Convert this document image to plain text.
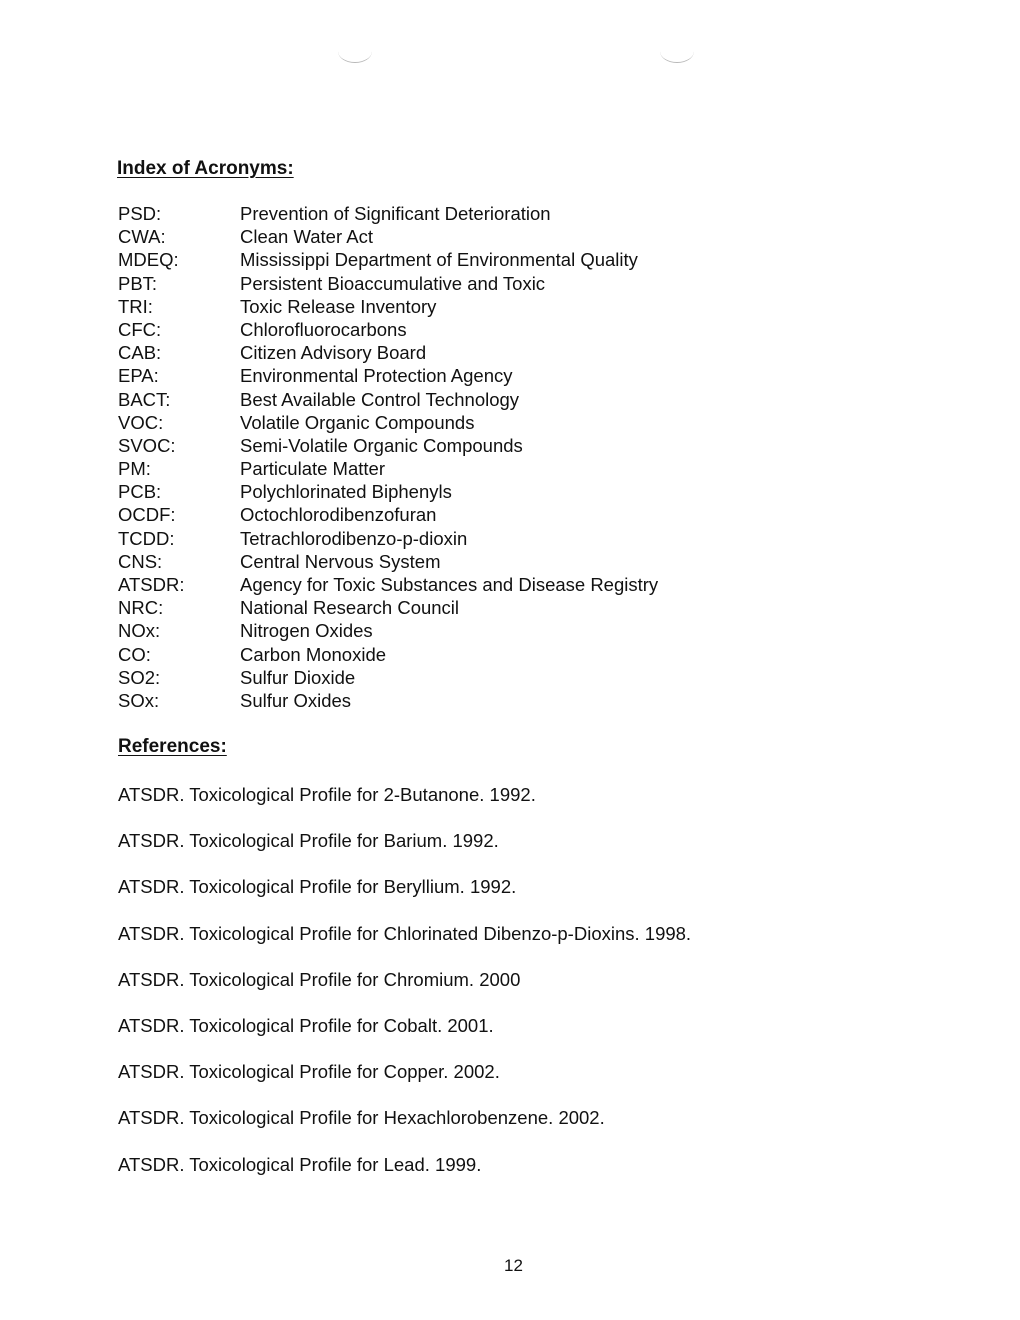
Index of Acronyms:
PSD:	Prevention of Significant Deterioration
CWA:	Clean Water Act
MDEQ:	Mississippi Department of Environmental Quality
PBT:	Persistent Bioaccumulative and Toxic
TRI:	Toxic Release Inventory
CFC:	Chlorofluorocarbons
CAB:	Citizen Advisory Board
EPA:	Environmental Protection Agency
BACT:	Best Available Control Technology
VOC:	Volatile Organic Compounds
SVOC:	Semi-Volatile Organic Compounds
PM:	Particulate Matter
PCB:	Polychlorinated Biphenyls
OCDF:	Octochlorodibenzofuran
TCDD:	Tetrachlorodibenzo-p-dioxin
CNS:	Central Nervous System
ATSDR:	Agency for Toxic Substances and Disease Registry
NRC:	National Research Council
NOx:	Nitrogen Oxides
CO:	Carbon Monoxide
SO2:	Sulfur Dioxide
SOx:	Sulfur Oxides
References:
ATSDR. Toxicological Profile for 2-Butanone. 1992.
ATSDR. Toxicological Profile for Barium. 1992.
ATSDR. Toxicological Profile for Beryllium. 1992.
ATSDR. Toxicological Profile for Chlorinated Dibenzo-p-Dioxins. 1998.
ATSDR. Toxicological Profile for Chromium. 2000
ATSDR. Toxicological Profile for Cobalt. 2001.
ATSDR. Toxicological Profile for Copper. 2002.
ATSDR. Toxicological Profile for Hexachlorobenzene. 2002.
ATSDR. Toxicological Profile for Lead. 1999.
12
